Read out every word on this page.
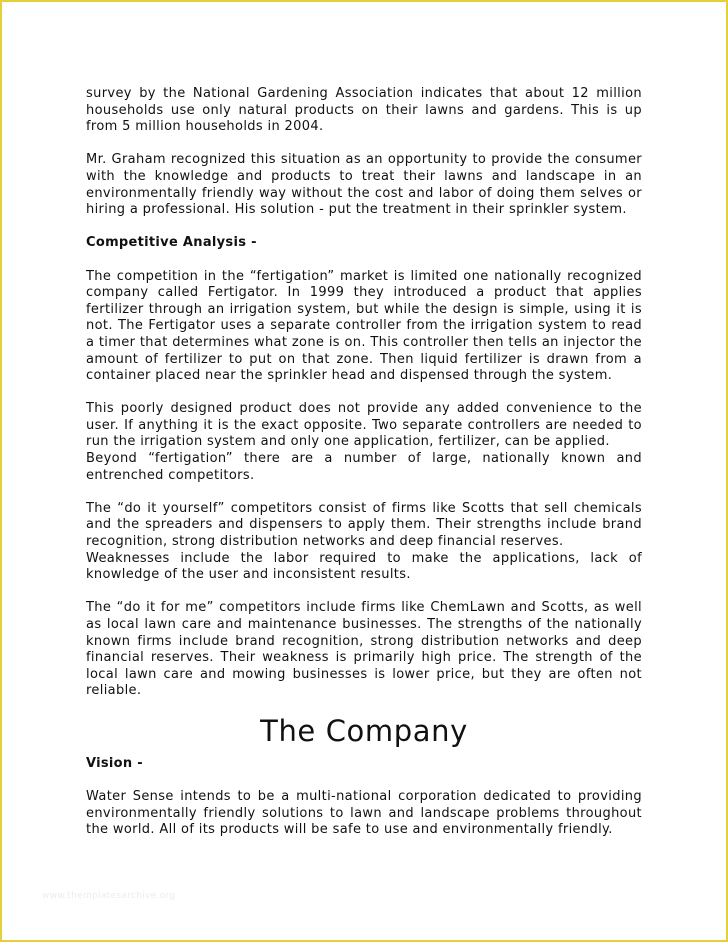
survey by the National Gardening Association indicates that about 12 million households use only natural products on their lawns and gardens. This is up from 5 million households in 2004.

Mr. Graham recognized this situation as an opportunity to provide the consumer with the knowledge and products to treat their lawns and landscape in an environmentally friendly way without the cost and labor of doing them selves or hiring a professional. His solution - put the treatment in their sprinkler system.

Competitive Analysis -

The competition in the “fertigation” market is limited one nationally recognized company called Fertigator. In 1999 they introduced a product that applies fertilizer through an irrigation system, but while the design is simple, using it is not. The Fertigator uses a separate controller from the irrigation system to read a timer that determines what zone is on. This controller then tells an injector the amount of fertilizer to put on that zone. Then liquid fertilizer is drawn from a container placed near the sprinkler head and dispensed through the system.

This poorly designed product does not provide any added convenience to the user. If anything it is the exact opposite. Two separate controllers are needed to run the irrigation system and only one application, fertilizer, can be applied.

Beyond “fertigation” there are a number of large, nationally known and entrenched competitors.

The “do it yourself” competitors consist of firms like Scotts that sell chemicals and the spreaders and dispensers to apply them. Their strengths include brand recognition, strong distribution networks and deep financial reserves.

Weaknesses include the labor required to make the applications, lack of knowledge of the user and inconsistent results.

The “do it for me” competitors include firms like ChemLawn and Scotts, as well as local lawn care and maintenance businesses. The strengths of the nationally known firms include brand recognition, strong distribution networks and deep financial reserves. Their weakness is primarily high price. The strength of the local lawn care and mowing businesses is lower price, but they are often not reliable.

The Company

Vision -

Water Sense intends to be a multi-national corporation dedicated to providing environmentally friendly solutions to lawn and landscape problems throughout the world. All of its products will be safe to use and environmentally friendly.

www.themplatesarchive.org
